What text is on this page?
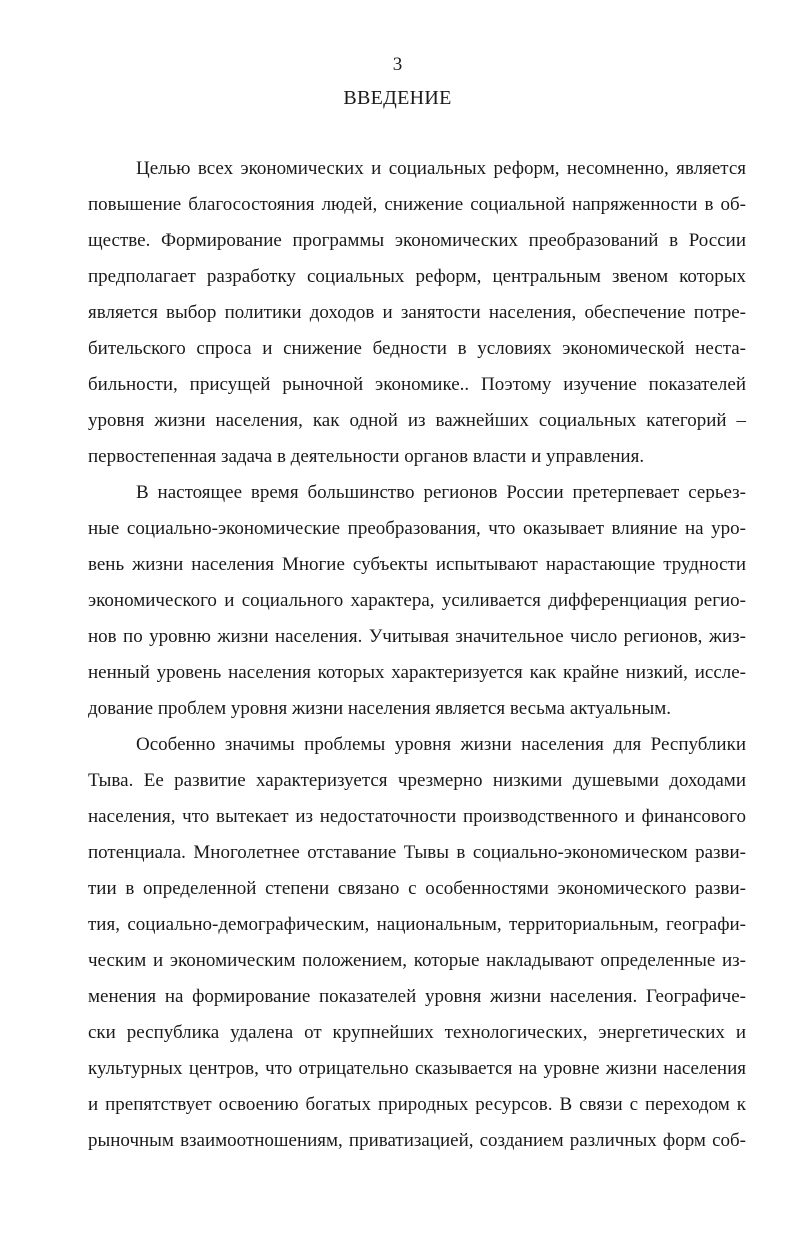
3
ВВЕДЕНИЕ
Целью всех экономических и социальных реформ, несомненно, является
повышение благосостояния людей, снижение социальной напряженности в об-
ществе. Формирование программы экономических преобразований в России
предполагает разработку социальных реформ, центральным звеном которых
является выбор политики доходов и занятости населения, обеспечение потре-
бительского спроса и снижение бедности в условиях экономической неста-
бильности, присущей рыночной экономике.. Поэтому изучение показателей
уровня жизни населения, как одной из важнейших социальных категорий –
первостепенная задача в деятельности органов власти и управления.
В настоящее время большинство регионов России претерпевает серьез-
ные социально-экономические преобразования, что оказывает влияние на уро-
вень жизни населения Многие субъекты испытывают нарастающие трудности
экономического и социального характера, усиливается дифференциация регио-
нов по уровню жизни населения. Учитывая значительное число регионов, жиз-
ненный уровень населения которых характеризуется как крайне низкий, иссле-
дование проблем уровня жизни населения является весьма актуальным.
Особенно значимы проблемы уровня жизни населения для Республики
Тыва. Ее развитие характеризуется чрезмерно низкими душевыми доходами
населения, что вытекает из недостаточности производственного и финансового
потенциала. Многолетнее отставание Тывы в социально-экономическом разви-
тии в определенной степени связано с особенностями экономического разви-
тия, социально-демографическим, национальным, территориальным, географи-
ческим и экономическим положением, которые накладывают определенные из-
менения на формирование показателей уровня жизни населения. Географиче-
ски республика удалена от крупнейших технологических, энергетических и
культурных центров, что отрицательно сказывается на уровне жизни населения
и препятствует освоению богатых природных ресурсов. В связи с переходом к
рыночным взаимоотношениям, приватизацией, созданием различных форм соб-
